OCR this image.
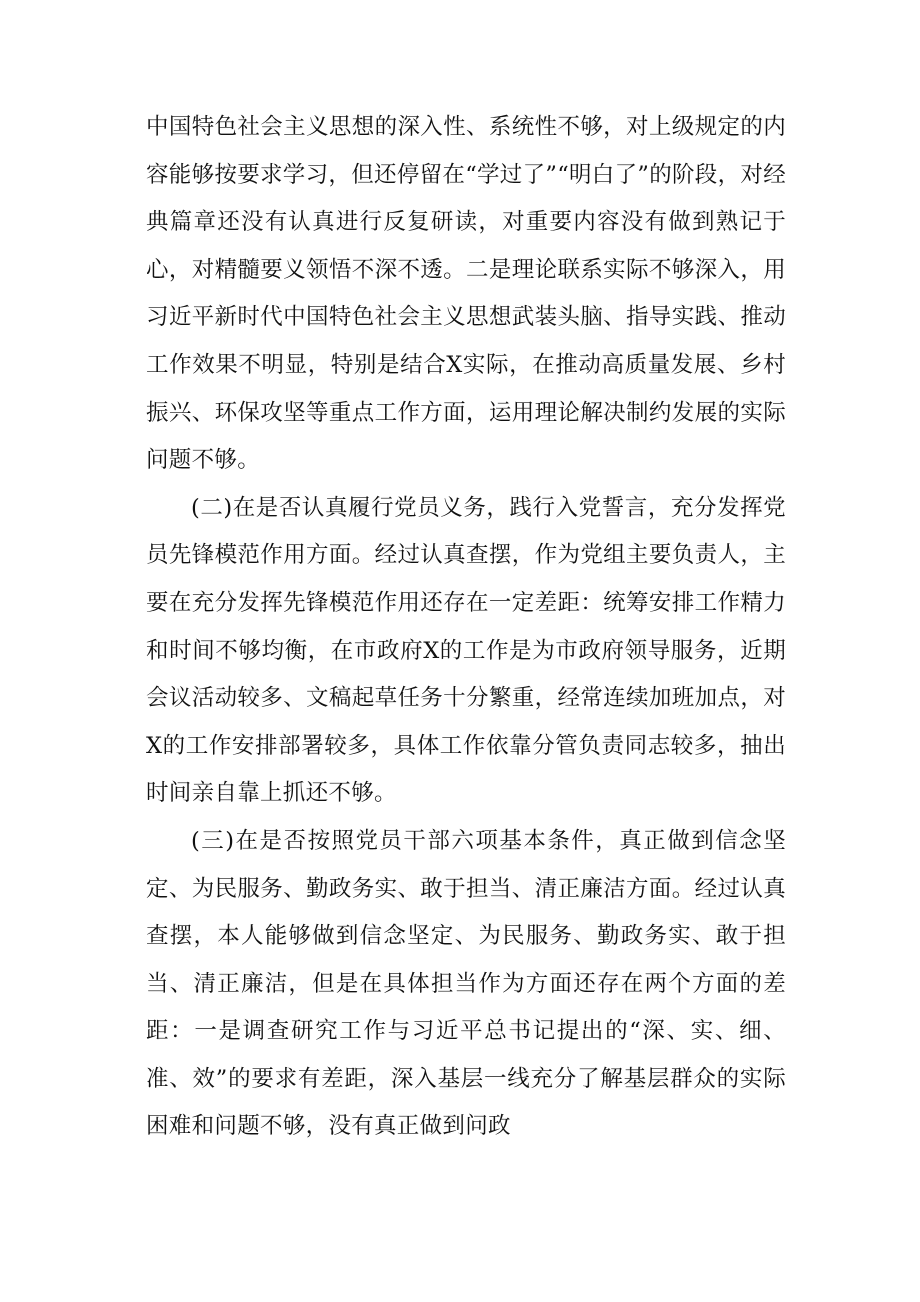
中国特色社会主义思想的深入性、系统性不够，对上级规定的内容能够按要求学习，但还停留在“学过了”“明白了”的阶段，对经典篇章还没有认真进行反复研读，对重要内容没有做到熟记于心，对精髓要义领悟不深不透。二是理论联系实际不够深入，用习近平新时代中国特色社会主义思想武装头脑、指导实践、推动工作效果不明显，特别是结合X实际，在推动高质量发展、乡村振兴、环保攻坚等重点工作方面，运用理论解决制约发展的实际问题不够。

(二)在是否认真履行党员义务，践行入党誓言，充分发挥党员先锋模范作用方面。经过认真查摆，作为党组主要负责人，主要在充分发挥先锋模范作用还存在一定差距：统筹安排工作精力和时间不够均衡，在市政府X的工作是为市政府领导服务，近期会议活动较多、文稿起草任务十分繁重，经常连续加班加点，对X的工作安排部署较多，具体工作依靠分管负责同志较多，抽出时间亲自靠上抓还不够。

(三)在是否按照党员干部六项基本条件，真正做到信念坚定、为民服务、勤政务实、敢于担当、清正廉洁方面。经过认真查摆，本人能够做到信念坚定、为民服务、勤政务实、敢于担当、清正廉洁，但是在具体担当作为方面还存在两个方面的差距：一是调查研究工作与习近平总书记提出的“深、实、细、准、效”的要求有差距，深入基层一线充分了解基层群众的实际困难和问题不够，没有真正做到问政
